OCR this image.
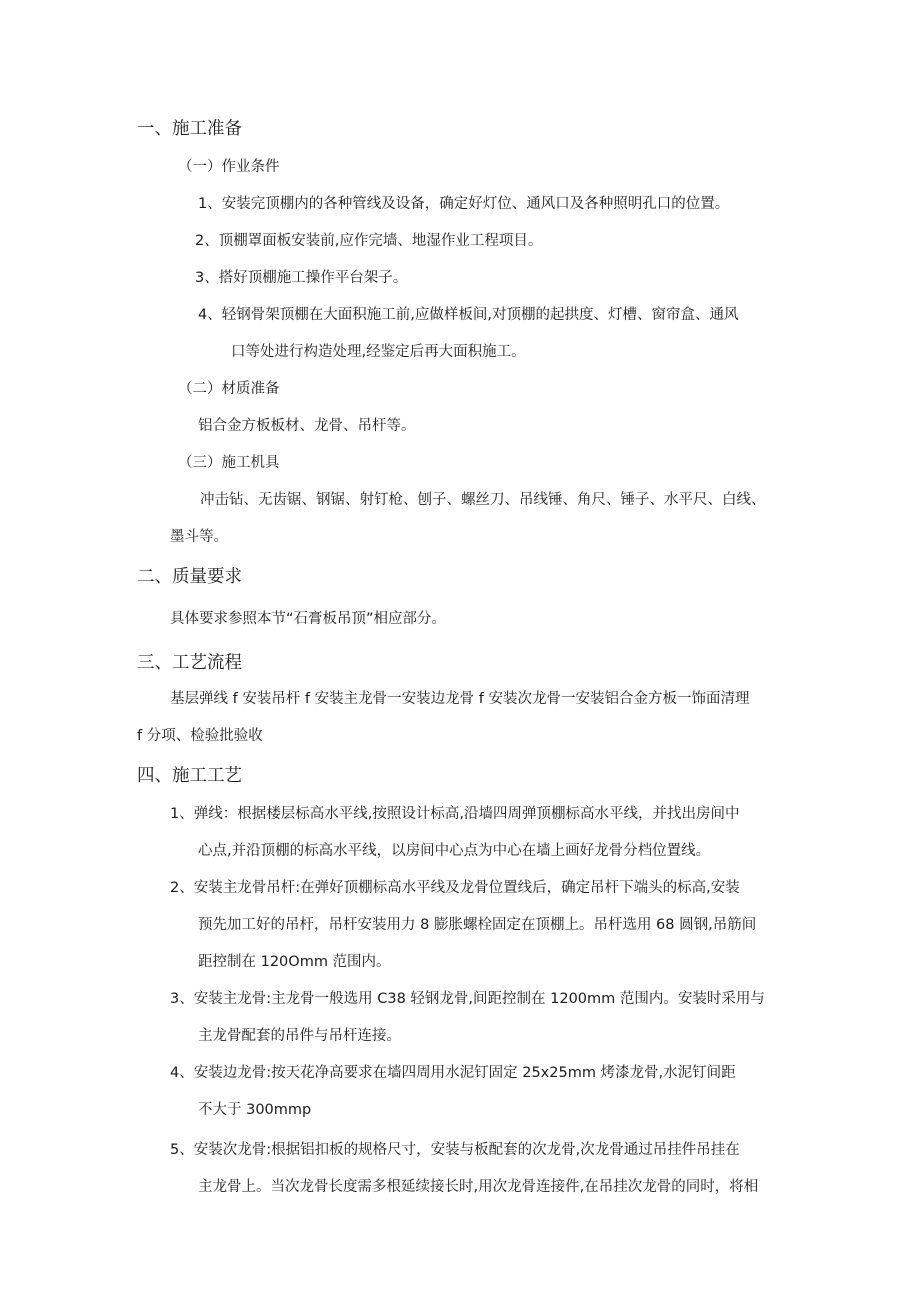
一、施工准备
（一）作业条件
1、安装完顶棚内的各种管线及设备，确定好灯位、通风口及各种照明孔口的位置。
2、顶棚罩面板安装前,应作完墙、地湿作业工程项目。
3、搭好顶棚施工操作平台架子。
4、轻钢骨架顶棚在大面积施工前,应做样板间,对顶棚的起拱度、灯槽、窗帘盒、通风
口等处进行构造处理,经鉴定后再大面积施工。
（二）材质准备
铝合金方板板材、龙骨、吊杆等。
（三）施工机具
冲击钻、无齿锯、钢锯、射钉枪、刨子、螺丝刀、吊线锤、角尺、锤子、水平尺、白线、
墨斗等。
二、质量要求
具体要求参照本节“石膏板吊顶”相应部分。
三、工艺流程
基层弹线 f 安装吊杆 f 安装主龙骨一安装边龙骨 f 安装次龙骨一安装铝合金方板一饰面清理
f 分项、检验批验收
四、施工工艺
1、弹线：根据楼层标高水平线,按照设计标高,沿墙四周弹顶棚标高水平线，并找出房间中
心点,并沿顶棚的标高水平线，以房间中心点为中心在墙上画好龙骨分档位置线。
2、安装主龙骨吊杆:在弹好顶棚标高水平线及龙骨位置线后，确定吊杆下端头的标高,安装
预先加工好的吊杆，吊杆安装用力 8 膨胀螺栓固定在顶棚上。吊杆选用 68 圆钢,吊筋间
距控制在 120Omm 范围内。
3、安装主龙骨:主龙骨一般选用 C38 轻钢龙骨,间距控制在 1200mm 范围内。安装时采用与
主龙骨配套的吊件与吊杆连接。
4、安装边龙骨:按天花净高要求在墙四周用水泥钉固定 25x25mm 烤漆龙骨,水泥钉间距
不大于 300mmp
5、安装次龙骨:根据铝扣板的规格尺寸，安装与板配套的次龙骨,次龙骨通过吊挂件吊挂在
主龙骨上。当次龙骨长度需多根延续接长时,用次龙骨连接件,在吊挂次龙骨的同时，将相
